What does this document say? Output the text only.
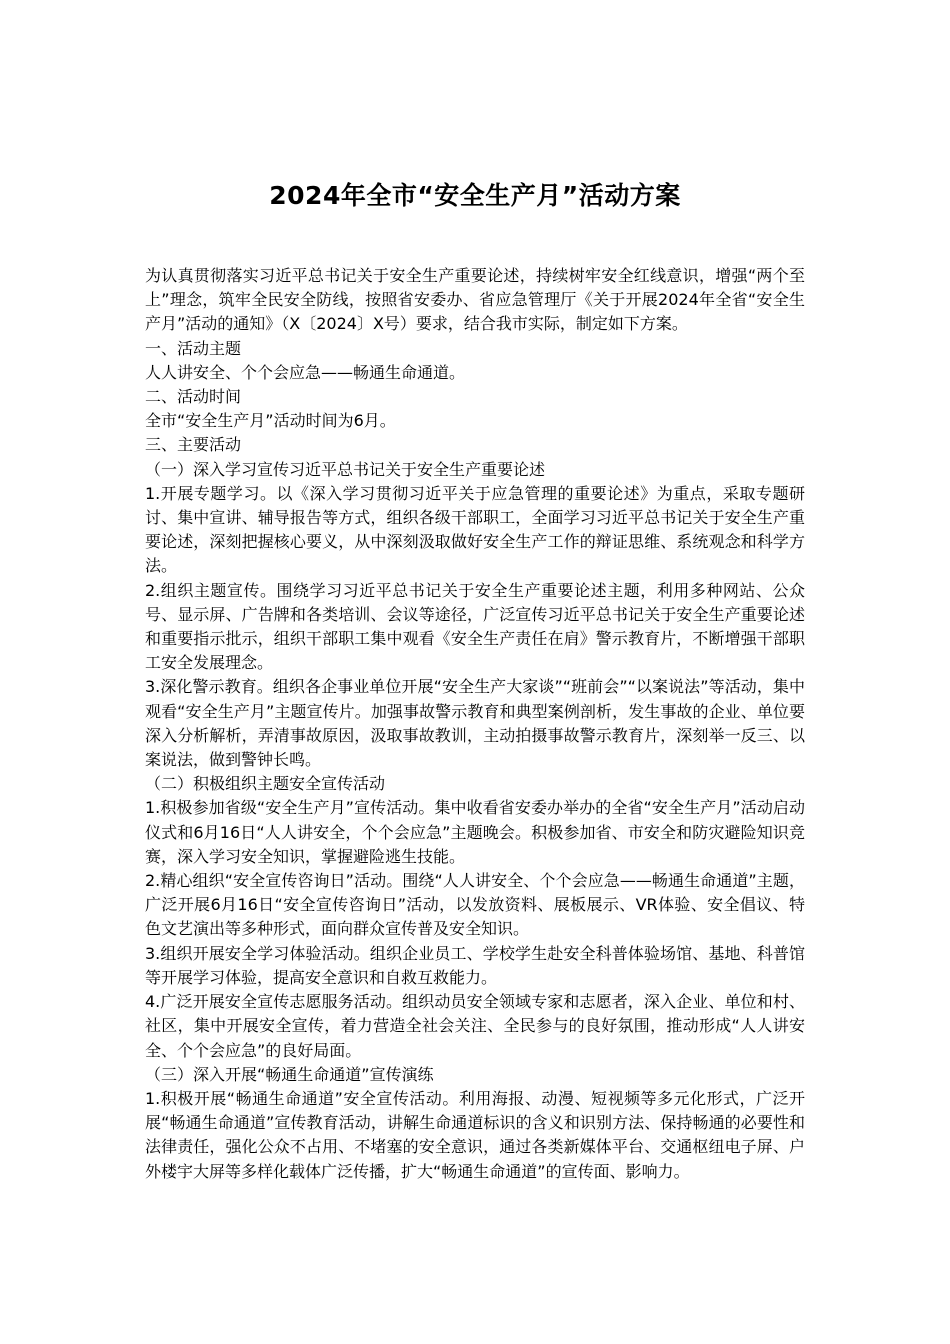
2024年全市“安全生产月”活动方案

为认真贯彻落实习近平总书记关于安全生产重要论述，持续树牢安全红线意识，增强“两个至上”理念，筑牢全民安全防线，按照省安委办、省应急管理厅《关于开展2024年全省“安全生产月”活动的通知》（X〔2024〕X号）要求，结合我市实际，制定如下方案。

一、活动主题

人人讲安全、个个会应急——畅通生命通道。

二、活动时间

全市“安全生产月”活动时间为6月。

三、主要活动

（一）深入学习宣传习近平总书记关于安全生产重要论述

1.开展专题学习。以《深入学习贯彻习近平关于应急管理的重要论述》为重点，采取专题研讨、集中宣讲、辅导报告等方式，组织各级干部职工，全面学习习近平总书记关于安全生产重要论述，深刻把握核心要义，从中深刻汲取做好安全生产工作的辩证思维、系统观念和科学方法。

2.组织主题宣传。围绕学习习近平总书记关于安全生产重要论述主题，利用多种网站、公众号、显示屏、广告牌和各类培训、会议等途径，广泛宣传习近平总书记关于安全生产重要论述和重要指示批示，组织干部职工集中观看《安全生产责任在肩》警示教育片，不断增强干部职工安全发展理念。

3.深化警示教育。组织各企事业单位开展“安全生产大家谈”“班前会”“以案说法”等活动，集中观看“安全生产月”主题宣传片。加强事故警示教育和典型案例剖析，发生事故的企业、单位要深入分析解析，弄清事故原因，汲取事故教训，主动拍摄事故警示教育片，深刻举一反三、以案说法，做到警钟长鸣。

（二）积极组织主题安全宣传活动

1.积极参加省级“安全生产月”宣传活动。集中收看省安委办举办的全省“安全生产月”活动启动仪式和6月16日“人人讲安全，个个会应急”主题晚会。积极参加省、市安全和防灾避险知识竞赛，深入学习安全知识，掌握避险逃生技能。

2.精心组织“安全宣传咨询日”活动。围绕“人人讲安全、个个会应急——畅通生命通道”主题，广泛开展6月16日“安全宣传咨询日”活动，以发放资料、展板展示、VR体验、安全倡议、特色文艺演出等多种形式，面向群众宣传普及安全知识。

3.组织开展安全学习体验活动。组织企业员工、学校学生赴安全科普体验场馆、基地、科普馆等开展学习体验，提高安全意识和自救互救能力。

4.广泛开展安全宣传志愿服务活动。组织动员安全领域专家和志愿者，深入企业、单位和村、社区，集中开展安全宣传，着力营造全社会关注、全民参与的良好氛围，推动形成“人人讲安全、个个会应急”的良好局面。

（三）深入开展“畅通生命通道”宣传演练

1.积极开展“畅通生命通道”安全宣传活动。利用海报、动漫、短视频等多元化形式，广泛开展“畅通生命通道”宣传教育活动，讲解生命通道标识的含义和识别方法、保持畅通的必要性和法律责任，强化公众不占用、不堵塞的安全意识，通过各类新媒体平台、交通枢纽电子屏、户外楼宇大屏等多样化载体广泛传播，扩大“畅通生命通道”的宣传面、影响力。
